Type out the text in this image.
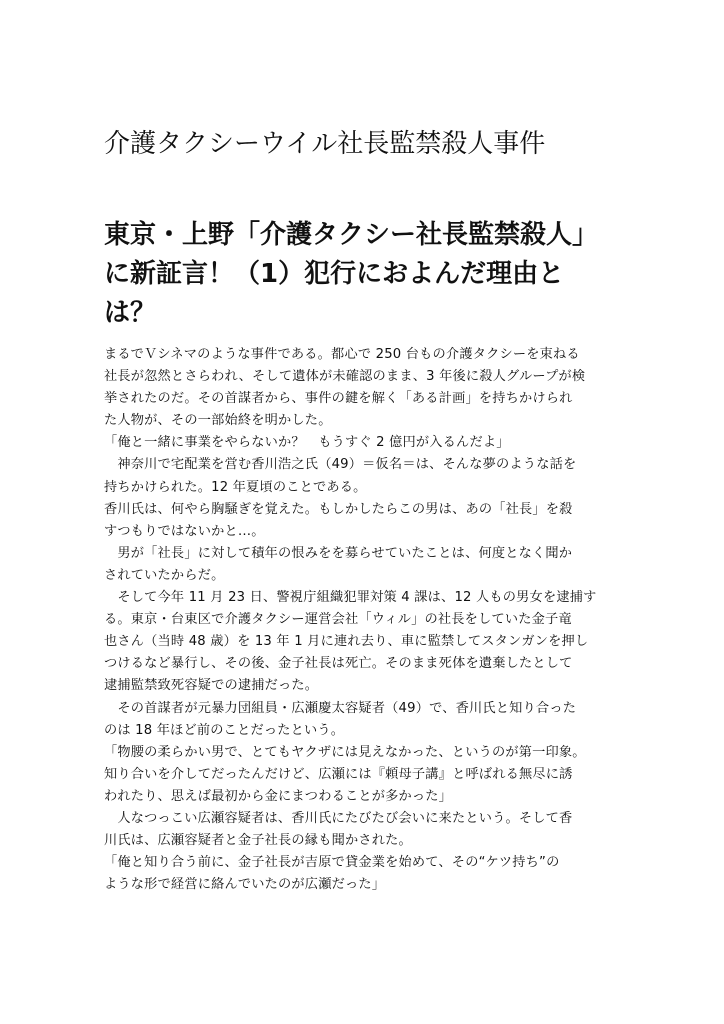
介護タクシーウイル社長監禁殺人事件
東京・上野「介護タクシー社長監禁殺人」
に新証言！（1）犯行におよんだ理由と
は？

まるでＶシネマのような事件である。都心で 250 台もの介護タクシーを束ねる
社長が忽然とさらわれ、そして遺体が未確認のまま、3 年後に殺人グループが検
挙されたのだ。その首謀者から、事件の鍵を解く「ある計画」を持ちかけられ
た人物が、その一部始終を明かした。

「俺と一緒に事業をやらないか？　もうすぐ 2 億円が入るんだよ」

　神奈川で宅配業を営む香川浩之氏（49）＝仮名＝は、そんな夢のような話を
持ちかけられた。12 年夏頃のことである。

香川氏は、何やら胸騒ぎを覚えた。もしかしたらこの男は、あの「社長」を殺
すつもりではないかと…。

　男が「社長」に対して積年の恨みをを募らせていたことは、何度となく聞か
されていたからだ。

　そして今年 11 月 23 日、警視庁組織犯罪対策 4 課は、12 人もの男女を逮捕す
る。東京・台東区で介護タクシー運営会社「ウィル」の社長をしていた金子竜
也さん（当時 48 歳）を 13 年 1 月に連れ去り、車に監禁してスタンガンを押し
つけるなど暴行し、その後、金子社長は死亡。そのまま死体を遺棄したとして
逮捕監禁致死容疑での逮捕だった。

　その首謀者が元暴力団組員・広瀬慶太容疑者（49）で、香川氏と知り合った
のは 18 年ほど前のことだったという。

「物腰の柔らかい男で、とてもヤクザには見えなかった、というのが第一印象。
知り合いを介してだったんだけど、広瀬には『頼母子講』と呼ばれる無尽に誘
われたり、思えば最初から金にまつわることが多かった」

　人なつっこい広瀬容疑者は、香川氏にたびたび会いに来たという。そして香
川氏は、広瀬容疑者と金子社長の縁も聞かされた。

「俺と知り合う前に、金子社長が吉原で貸金業を始めて、その“ケツ持ち”の
ような形で経営に絡んでいたのが広瀬だった」
